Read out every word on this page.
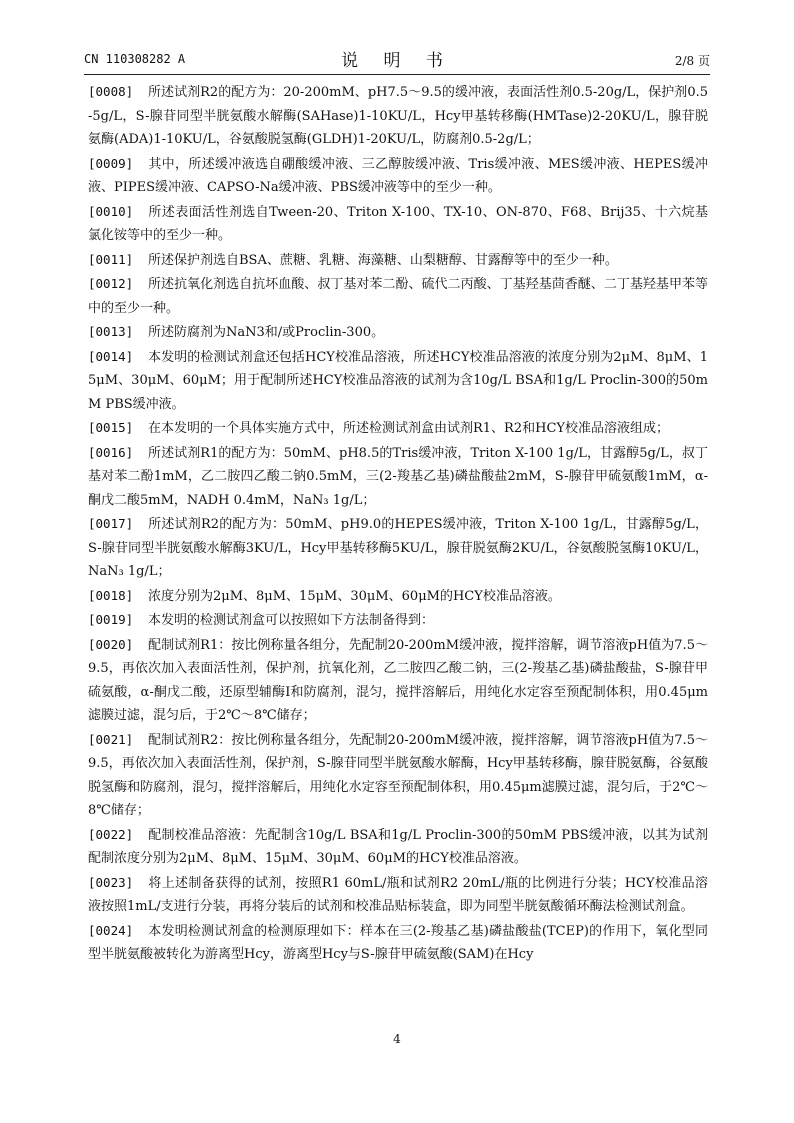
CN 110308282 A	说 明 书	2/8 页

[0008] 所述试剂R2的配方为：20-200mM、pH7.5～9.5的缓冲液，表面活性剂0.5-20g/L，保护剂0.5-5g/L，S-腺苷同型半胱氨酸水解酶(SAHase)1-10KU/L，Hcy甲基转移酶(HMTase)2-20KU/L，腺苷脱氨酶(ADA)1-10KU/L，谷氨酸脱氢酶(GLDH)1-20KU/L，防腐剂0.5-2g/L；

[0009] 其中，所述缓冲液选自硼酸缓冲液、三乙醇胺缓冲液、Tris缓冲液、MES缓冲液、HEPES缓冲液、PIPES缓冲液、CAPSO-Na缓冲液、PBS缓冲液等中的至少一种。

[0010] 所述表面活性剂选自Tween-20、Triton X-100、TX-10、ON-870、F68、Brij35、十六烷基氯化铵等中的至少一种。

[0011] 所述保护剂选自BSA、蔗糖、乳糖、海藻糖、山梨糖醇、甘露醇等中的至少一种。

[0012] 所述抗氧化剂选自抗坏血酸、叔丁基对苯二酚、硫代二丙酸、丁基羟基茴香醚、二丁基羟基甲苯等中的至少一种。

[0013] 所述防腐剂为NaN3和/或Proclin-300。

[0014] 本发明的检测试剂盒还包括HCY校准品溶液，所述HCY校准品溶液的浓度分别为2μM、8μM、15μM、30μM、60μM；用于配制所述HCY校准品溶液的试剂为含10g/L BSA和1g/L Proclin-300的50mM PBS缓冲液。

[0015] 在本发明的一个具体实施方式中，所述检测试剂盒由试剂R1、R2和HCY校准品溶液组成；

[0016] 所述试剂R1的配方为：50mM、pH8.5的Tris缓冲液，Triton X-100 1g/L，甘露醇5g/L，叔丁基对苯二酚1mM，乙二胺四乙酸二钠0.5mM，三(2-羧基乙基)磷盐酸盐2mM，S-腺苷甲硫氨酸1mM，α-酮戊二酸5mM，NADH 0.4mM，NaN₃ 1g/L；

[0017] 所述试剂R2的配方为：50mM、pH9.0的HEPES缓冲液，Triton X-100 1g/L，甘露醇5g/L，S-腺苷同型半胱氨酸水解酶3KU/L，Hcy甲基转移酶5KU/L，腺苷脱氨酶2KU/L，谷氨酸脱氢酶10KU/L，NaN₃ 1g/L；

[0018] 浓度分别为2μM、8μM、15μM、30μM、60μM的HCY校准品溶液。

[0019] 本发明的检测试剂盒可以按照如下方法制备得到：

[0020] 配制试剂R1：按比例称量各组分，先配制20-200mM缓冲液，搅拌溶解，调节溶液pH值为7.5～9.5，再依次加入表面活性剂，保护剂，抗氧化剂，乙二胺四乙酸二钠，三(2-羧基乙基)磷盐酸盐，S-腺苷甲硫氨酸，α-酮戊二酸，还原型辅酶I和防腐剂，混匀，搅拌溶解后，用纯化水定容至预配制体积，用0.45μm滤膜过滤，混匀后，于2℃～8℃储存；

[0021] 配制试剂R2：按比例称量各组分，先配制20-200mM缓冲液，搅拌溶解，调节溶液pH值为7.5～9.5，再依次加入表面活性剂，保护剂，S-腺苷同型半胱氨酸水解酶，Hcy甲基转移酶，腺苷脱氨酶，谷氨酸脱氢酶和防腐剂，混匀，搅拌溶解后，用纯化水定容至预配制体积，用0.45μm滤膜过滤，混匀后，于2℃～8℃储存；

[0022] 配制校准品溶液：先配制含10g/L BSA和1g/L Proclin-300的50mM PBS缓冲液，以其为试剂配制浓度分别为2μM、8μM、15μM、30μM、60μM的HCY校准品溶液。

[0023] 将上述制备获得的试剂，按照R1 60mL/瓶和试剂R2 20mL/瓶的比例进行分装；HCY校准品溶液按照1mL/支进行分装，再将分装后的试剂和校准品贴标装盒，即为同型半胱氨酸循环酶法检测试剂盒。

[0024] 本发明检测试剂盒的检测原理如下：样本在三(2-羧基乙基)磷盐酸盐(TCEP)的作用下，氧化型同型半胱氨酸被转化为游离型Hcy，游离型Hcy与S-腺苷甲硫氨酸(SAM)在Hcy

4
